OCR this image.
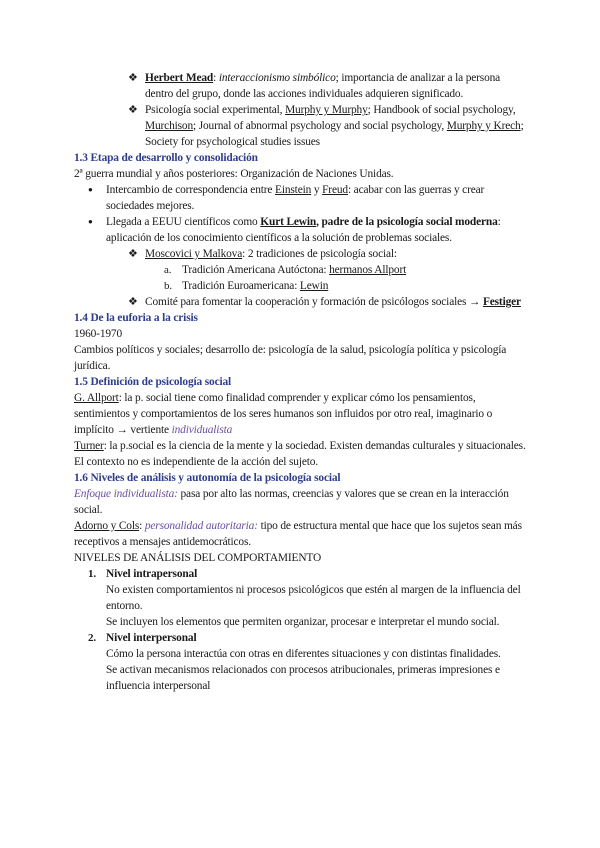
❖ Herbert Mead: interaccionismo simbólico; importancia de analizar a la persona dentro del grupo, donde las acciones individuales adquieren significado.
❖ Psicología social experimental, Murphy y Murphy; Handbook of social psychology, Murchison; Journal of abnormal psychology and social psychology, Murphy y Krech; Society for psychological studies issues

1.3 Etapa de desarrollo y consolidación

2ª guerra mundial y años posteriores: Organización de Naciones Unidas.

● Intercambio de correspondencia entre Einstein y Freud: acabar con las guerras y crear sociedades mejores.
● Llegada a EEUU científicos como Kurt Lewin, padre de la psicología social moderna: aplicación de los conocimiento científicos a la solución de problemas sociales.
❖ Moscovici y Malkova: 2 tradiciones de psicología social:
a. Tradición Americana Autóctona: hermanos Allport
b. Tradición Euroamericana: Lewin
❖ Comité para fomentar la cooperación y formación de psicólogos sociales → Festiger

1.4 De la euforia a la crisis

1960-1970

Cambios políticos y sociales; desarrollo de: psicología de la salud, psicología política y psicología jurídica.

1.5 Definición de psicología social

G. Allport: la p. social tiene como finalidad comprender y explicar cómo los pensamientos, sentimientos y comportamientos de los seres humanos son influidos por otro real, imaginario o implícito → vertiente individualista

Turner: la p.social es la ciencia de la mente y la sociedad. Existen demandas culturales y situacionales. El contexto no es independiente de la acción del sujeto.

1.6 Niveles de análisis y autonomía de la psicología social

Enfoque individualista: pasa por alto las normas, creencias y valores que se crean en la interacción social.

Adorno y Cols: personalidad autoritaria: tipo de estructura mental que hace que los sujetos sean más receptivos a mensajes antidemocráticos.

NIVELES DE ANÁLISIS DEL COMPORTAMIENTO

1. Nivel intrapersonal

No existen comportamientos ni procesos psicológicos que estén al margen de la influencia del entorno.

Se incluyen los elementos que permiten organizar, procesar e interpretar el mundo social.

2. Nivel interpersonal

Cómo la persona interactúa con otras en diferentes situaciones y con distintas finalidades.

Se activan mecanismos relacionados con procesos atribucionales, primeras impresiones e influencia interpersonal
